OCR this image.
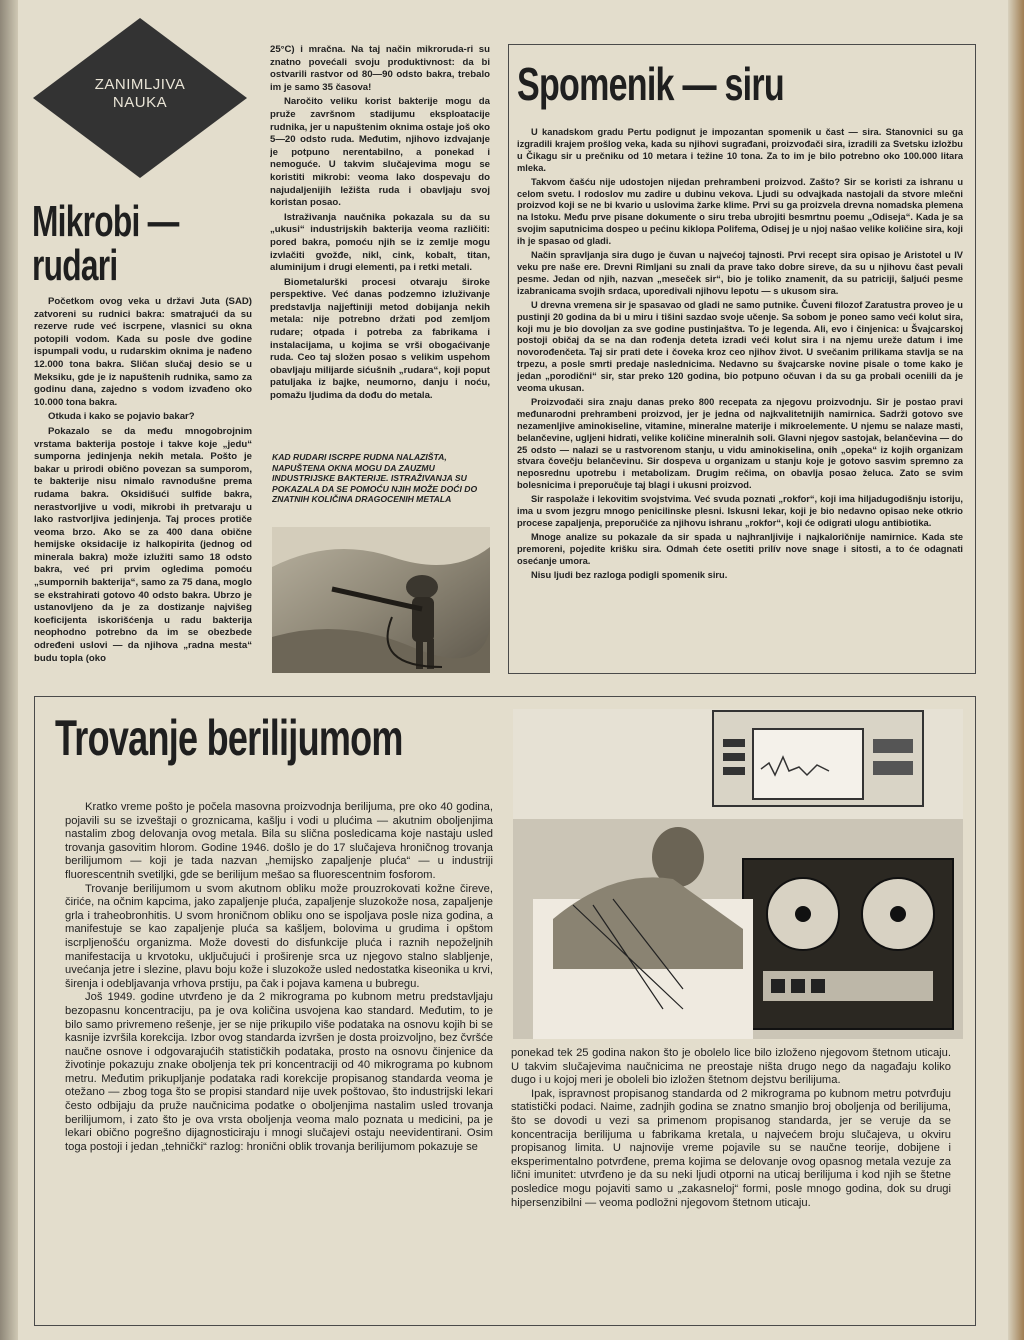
ZANIMLJIVA
NAUKA
Mikrobi —
rudari

Početkom ovog veka u državi Juta (SAD) zatvoreni su rudnici bakra: smatrajući da su rezerve rude već iscrpene, vlasnici su okna potopili vodom. Kada su posle dve godine ispumpali vodu, u rudarskim oknima je nađeno 12.000 tona bakra. Sličan slučaj desio se u Meksiku, gde je iz napuštenih rudnika, samo za godinu dana, zajedno s vodom izvađeno oko 10.000 tona bakra.

Otkuda i kako se pojavio bakar?

Pokazalo se da među mnogobrojnim vrstama bakterija postoje i takve koje „jedu“ sumporna jedinjenja nekih metala. Pošto je bakar u prirodi obično povezan sa sumporom, te bakterije nisu nimalo ravnodušne prema rudama bakra. Oksidišući sulfide bakra, nerastvorljive u vodi, mikrobi ih pretvaraju u lako rastvorljiva jedinjenja. Taj proces protiče veoma brzo. Ako se za 400 dana obične hemijske oksidacije iz halkopirita (jednog od minerala bakra) može izlužiti samo 18 odsto bakra, već pri prvim ogledima pomoću „sumpornih bakterija“, samo za 75 dana, moglo se ekstrahirati gotovo 40 odsto bakra. Ubrzo je ustanovljeno da je za dostizanje najvišeg koeficijenta iskorišćenja u radu bakterija neophodno potrebno da im se obezbede određeni uslovi — da njihova „radna mesta“ budu topla (oko

25°C) i mračna. Na taj način mikroruda-ri su znatno povećali svoju produktivnost: da bi ostvarili rastvor od 80—90 odsto bakra, trebalo im je samo 35 časova!

Naročito veliku korist bakterije mogu da pruže završnom stadijumu eksploatacije rudnika, jer u napuštenim oknima ostaje još oko 5—20 odsto ruda. Međutim, njihovo izdvajanje je potpuno nerentabilno, a ponekad i nemoguće. U takvim slučajevima mogu se koristiti mikrobi: veoma lako dospevaju do najudaljenijih ležišta ruda i obavljaju svoj koristan posao.

Istraživanja naučnika pokazala su da su „ukusi“ industrijskih bakterija veoma različiti: pored bakra, pomoću njih se iz zemlje mogu izvlačiti gvožđe, nikl, cink, kobalt, titan, aluminijum i drugi elementi, pa i retki metali.

Biometalurški procesi otvaraju široke perspektive. Već danas podzemno izluživanje predstavlja najjeftiniji metod dobijanja nekih metala: nije potrebno držati pod zemljom rudare; otpada i potreba za fabrikama i instalacijama, u kojima se vrši obogaćivanje ruda. Ceo taj složen posao s velikim uspehom obavljaju milijarde sićušnih „rudara“, koji poput patuljaka iz bajke, neumorno, danju i noću, pomažu ljudima da dođu do metala.

KAD RUDARI ISCRPE RUDNA NALAZIŠTA, NAPUŠTENA OKNA MOGU DA ZAUZMU INDUSTRIJSKE BAKTERIJE. ISTRAŽIVANJA SU POKAZALA DA SE POMOĆU NJIH MOŽE DOĆI DO ZNATNIH KOLIČINA DRAGOCENIH METALA
Spomenik — siru

U kanadskom gradu Pertu podignut je impozantan spomenik u čast — sira. Stanovnici su ga izgradili krajem prošlog veka, kada su njihovi sugrađani, proizvođači sira, izradili za Svetsku izložbu u Čikagu sir u prečniku od 10 metara i težine 10 tona. Za to im je bilo potrebno oko 100.000 litara mleka.

Takvom čašću nije udostojen nijedan prehrambeni proizvod. Zašto? Sir se koristi za ishranu u celom svetu. I rodoslov mu zadire u dubinu vekova. Ljudi su odvajkada nastojali da stvore mlečni proizvod koji se ne bi kvario u uslovima žarke klime. Prvi su ga proizvela drevna nomadska plemena na Istoku. Među prve pisane dokumente o siru treba ubrojiti besmrtnu poemu „Odiseja“. Kada je sa svojim saputnicima dospeo u pećinu kiklopa Polifema, Odisej je u njoj našao velike količine sira, koji ih je spasao od gladi.

Način spravljanja sira dugo je čuvan u najvećoj tajnosti. Prvi recept sira opisao je Aristotel u IV veku pre naše ere. Drevni Rimljani su znali da prave tako dobre sireve, da su u njihovu čast pevali pesme. Jedan od njih, nazvan „meseček sir“, bio je toliko znamenit, da su patriciji, šaljući pesme izabranicama svojih srdaca, uporedivali njihovu lepotu — s ukusom sira.

U drevna vremena sir je spasavao od gladi ne samo putnike. Čuveni filozof Zaratustra proveo je u pustinji 20 godina da bi u miru i tišini sazdao svoje učenje. Sa sobom je poneo samo veći kolut sira, koji mu je bio dovoljan za sve godine pustinjaštva. To je legenda. Ali, evo i činjenica: u Švajcarskoj postoji običaj da se na dan rođenja deteta izradi veći kolut sira i na njemu ureže datum i ime novorođenčeta. Taj sir prati dete i čoveka kroz ceo njihov život. U svečanim prilikama stavlja se na trpezu, a posle smrti predaje naslednicima. Nedavno su švajcarske novine pisale o tome kako je jedan „porodični“ sir, star preko 120 godina, bio potpuno očuvan i da su ga probali oceniili da je veoma ukusan.

Proizvođači sira znaju danas preko 800 recepata za njegovu proizvodnju. Sir je postao pravi međunarodni prehrambeni proizvod, jer je jedna od najkvalitetnijih namirnica. Sadrži gotovo sve nezamenljive aminokiseline, vitamine, mineralne materije i mikroelemente. U njemu se nalaze masti, belančevine, ugljeni hidrati, velike količine mineralnih soli. Glavni njegov sastojak, belančevina — do 25 odsto — nalazi se u rastvorenom stanju, u vidu aminokiselina, onih „opeka“ iz kojih organizam stvara čovečju belančevinu. Sir dospeva u organizam u stanju koje je gotovo sasvim spremno za neposrednu upotrebu i metabolizam. Drugim rečima, on obavlja posao želuca. Zato se svim bolesnicima i preporučuje taj blagi i ukusni proizvod.

Sir raspolaže i lekovitim svojstvima. Već svuda poznati „rokfor“, koji ima hiljadugodišnju istoriju, ima u svom jezgru mnogo penicilinske plesni. Iskusni lekar, koji je bio nedavno opisao neke otkrio procese zapaljenja, preporučiće za njihovu ishranu „rokfor“, koji će odigrati ulogu antibiotika.

Mnoge analize su pokazale da sir spada u najhranljivije i najkaloričnije namirnice. Kada ste premoreni, pojedite krišku sira. Odmah ćete osetiti prilív nove snage i sitosti, a to će odagnati osećanje umora.

Nisu ljudi bez razloga podigli spomenik siru.

Trovanje berilijumom

Kratko vreme pošto je počela masovna proizvodnja berilijuma, pre oko 40 godina, pojavili su se izveštaji o groznicama, kašlju i vodi u plućima — akutnim oboljenjima nastalim zbog delovanja ovog metala. Bila su sličnа posledicama koje nastaju usled trovanja gasovitim hlorom. Godine 1946. došlo je do 17 slučajeva hroničnog trovanja berilijumom — koji je tada nazvan „hemijsko zapaljenje pluća“ — u industriji fluorescentnih svetiljki, gde se berilijum mešao sa fluorescentnim fosforom.

Trovanje berilijumom u svom akutnom obliku može prouzrokovati kožne čireve, čiriće, na očnim kapcima, jako zapaljenje pluća, zapaljenje sluzokože nosa, zapaljenje grla i traheobronhitis. U svom hroničnom obliku ono se ispoljava posle niza godina, a manifestuje se kao zapaljenje pluća sa kašljem, bolovima u grudima i opštom iscrpljenošću organizma. Može dovesti do disfunkcije pluća i raznih nepoželjnih manifestacija u krvotoku, uključujući i proširenje srca uz njegovo stalno slabljenje, uvećanja jetre i slezine, plavu boju kože i sluzokože usled nedostatka kiseonika u krvi, širenja i odebljavanja vrhova prstiju, pa čak i pojava kamena u bubregu.

Još 1949. godine utvrđeno je da 2 mikrograma po kubnom metru predstavljaju bezopasnu koncentraciju, pa je ova količina usvojena kao standard. Međutim, to je bilo samo privremeno rešenje, jer se nije prikupilo više podataka na osnovu kojih bi se kasnije izvršila korekcija. Izbor ovog standarda izvršen je dosta proizvoljno, bez čvršće naučne osnove i odgovarajućih statističkih podataka, prosto na osnovu činjenice da životinje pokazuju znake oboljenja tek pri koncentraciji od 40 mikrograma po kubnom metru. Međutim prikupljanje podataka radi korekcije propisanog standarda veoma je otežano — zbog toga što se propisi standard nije uvek poštovao, što industrijski lekari često odbijaju da pruže naučnicima podatke o oboljenjima nastalim usled trovanja berilijumom, i zato što je ova vrsta oboljenja veoma malo poznata u medicini, pa je lekari obično pogrešno dijagnosticiraju i mnogi slučajevi ostaju neevidentirani. Osim toga postoji i jedan „tehnički“ razlog: hronični oblik trovanja berilijumom pokazuje se

ponekad tek 25 godina nakon što je obolelo lice bilo izloženo njegovom štetnom uticaju. U takvim slučajevima naučnicima ne preostaje ništa drugo nego da nagađaju koliko dugo i u kojoj meri je oboleli bio izložen štetnom dejstvu berilijuma.

Ipak, ispravnost propisanog standarda od 2 mikrograma po kubnom metru potvrđuju statistički podaci. Naime, zadnjih godina se znatno smanjio broj oboljenja od berilijuma, što se dovodi u vezi sa primenom propisanog standarda, jer se veruje da se koncentracija berilijuma u fabrikama kretala, u najvećem broju slučajeva, u okviru propisanog limita. U najnovije vreme pojavile su se naučne teorije, dobijene i eksperimentalno potvrđene, prema kojima se delovanje ovog opasnog metala vezuje za lični imunitet: utvrđeno je da su neki ljudi otporni na uticaj berilijuma i kod njih se štetne posledice mogu pojaviti samo u „zakasneloj“ formi, posle mnogo godina, dok su drugi hipersenzibilni — veoma podložni njegovom štetnom uticaju.
